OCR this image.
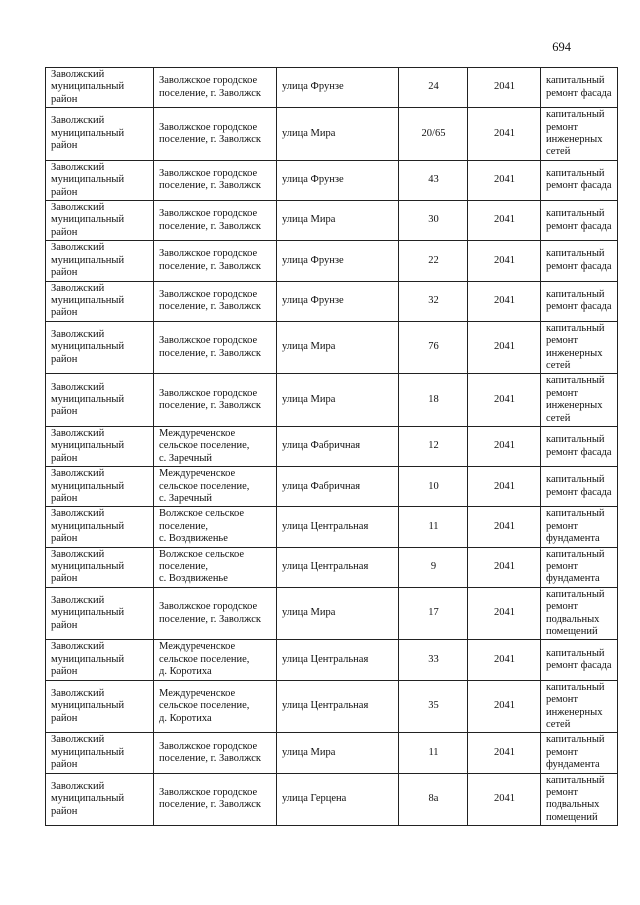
694
Заволжский
муниципальный
район	Заволжское городское
поселение, г. Заволжск	улица Фрунзе	24	2041	капитальный
ремонт фасада
Заволжский
муниципальный
район	Заволжское городское
поселение, г. Заволжск	улица Мира	20/65	2041	капитальный
ремонт
инженерных
сетей
Заволжский
муниципальный
район	Заволжское городское
поселение, г. Заволжск	улица Фрунзе	43	2041	капитальный
ремонт фасада
Заволжский
муниципальный
район	Заволжское городское
поселение, г. Заволжск	улица Мира	30	2041	капитальный
ремонт фасада
Заволжский
муниципальный
район	Заволжское городское
поселение, г. Заволжск	улица Фрунзе	22	2041	капитальный
ремонт фасада
Заволжский
муниципальный
район	Заволжское городское
поселение, г. Заволжск	улица Фрунзе	32	2041	капитальный
ремонт фасада
Заволжский
муниципальный
район	Заволжское городское
поселение, г. Заволжск	улица Мира	76	2041	капитальный
ремонт
инженерных
сетей
Заволжский
муниципальный
район	Заволжское городское
поселение, г. Заволжск	улица Мира	18	2041	капитальный
ремонт
инженерных
сетей
Заволжский
муниципальный
район	Междуреченское
сельское поселение,
с. Заречный	улица Фабричная	12	2041	капитальный
ремонт фасада
Заволжский
муниципальный
район	Междуреченское
сельское поселение,
с. Заречный	улица Фабричная	10	2041	капитальный
ремонт фасада
Заволжский
муниципальный
район	Волжское сельское
поселение,
с. Воздвиженье	улица Центральная	11	2041	капитальный
ремонт
фундамента
Заволжский
муниципальный
район	Волжское сельское
поселение,
с. Воздвиженье	улица Центральная	9	2041	капитальный
ремонт
фундамента
Заволжский
муниципальный
район	Заволжское городское
поселение, г. Заволжск	улица Мира	17	2041	капитальный
ремонт
подвальных
помещений
Заволжский
муниципальный
район	Междуреченское
сельское поселение,
д. Коротиха	улица Центральная	33	2041	капитальный
ремонт фасада
Заволжский
муниципальный
район	Междуреченское
сельское поселение,
д. Коротиха	улица Центральная	35	2041	капитальный
ремонт
инженерных
сетей
Заволжский
муниципальный
район	Заволжское городское
поселение, г. Заволжск	улица Мира	11	2041	капитальный
ремонт
фундамента
Заволжский
муниципальный
район	Заволжское городское
поселение, г. Заволжск	улица Герцена	8а	2041	капитальный
ремонт
подвальных
помещений
